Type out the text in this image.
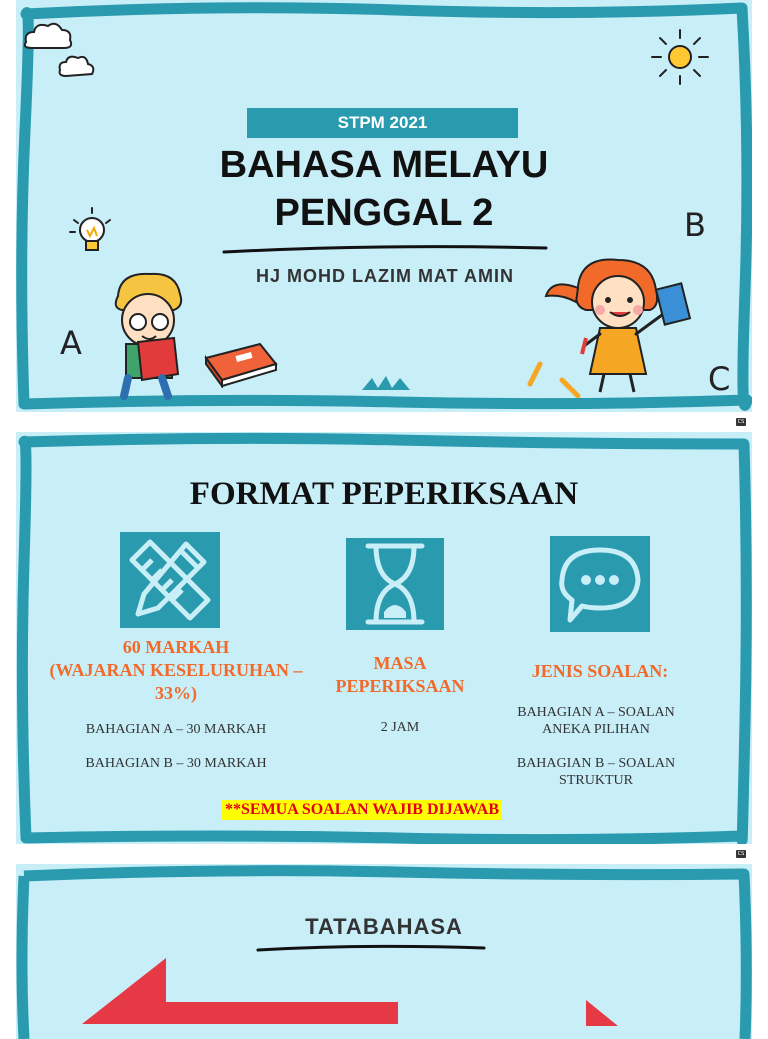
STPM 2021
BAHASA MELAYU
PENGGAL 2
HJ MOHD LAZIM MAT AMIN
A
B
C
FORMAT PEPERIKSAAN
60 MARKAH
(WAJARAN KESELURUHAN –
33%)
BAHAGIAN A – 30 MARKAH
BAHAGIAN B – 30 MARKAH
MASA
PEPERIKSAAN
2 JAM
JENIS SOALAN:
BAHAGIAN A – SOALAN ANEKA PILIHAN
BAHAGIAN B – SOALAN STRUKTUR
**SEMUA SOALAN WAJIB DIJAWAB
CS
CS
TATABAHASA
